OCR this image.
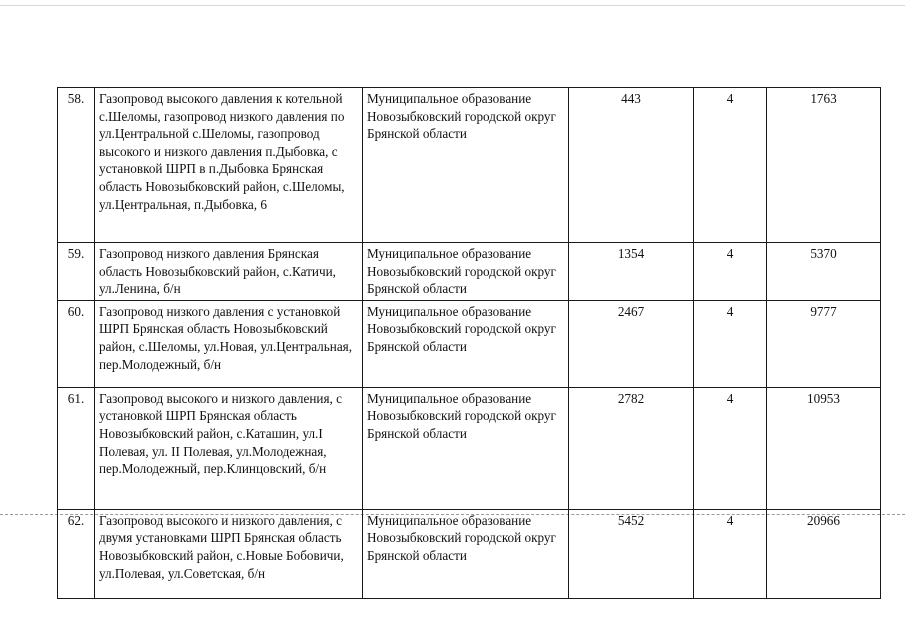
58.	Газопровод высокого давления к котельной с.Шеломы, газопровод низкого давления по ул.Центральной с.Шеломы, газопровод высокого и низкого давления п.Дыбовка, с установкой ШРП в п.Дыбовка Брянская область Новозыбковский район, с.Шеломы, ул.Центральная, п.Дыбовка, 6	Муниципальное образование Новозыбковский городской округ Брянской области	443	4	1763
59.	Газопровод низкого давления Брянская область Новозыбковский район, с.Катичи, ул.Ленина, б/н	Муниципальное образование Новозыбковский городской округ Брянской области	1354	4	5370
60.	Газопровод низкого давления с установкой ШРП Брянская область Новозыбковский район, с.Шеломы, ул.Новая, ул.Центральная, пер.Молодежный, б/н	Муниципальное образование Новозыбковский городской округ Брянской области	2467	4	9777
61.	Газопровод высокого и низкого давления, с установкой ШРП Брянская область Новозыбковский район, с.Каташин, ул.I Полевая, ул. II Полевая, ул.Молодежная, пер.Молодежный, пер.Клинцовский, б/н	Муниципальное образование Новозыбковский городской округ Брянской области	2782	4	10953
62.	Газопровод высокого и низкого давления, с двумя установками ШРП Брянская область Новозыбковский район, с.Новые Бобовичи, ул.Полевая, ул.Советская, б/н	Муниципальное образование Новозыбковский городской округ Брянской области	5452	4	20966
